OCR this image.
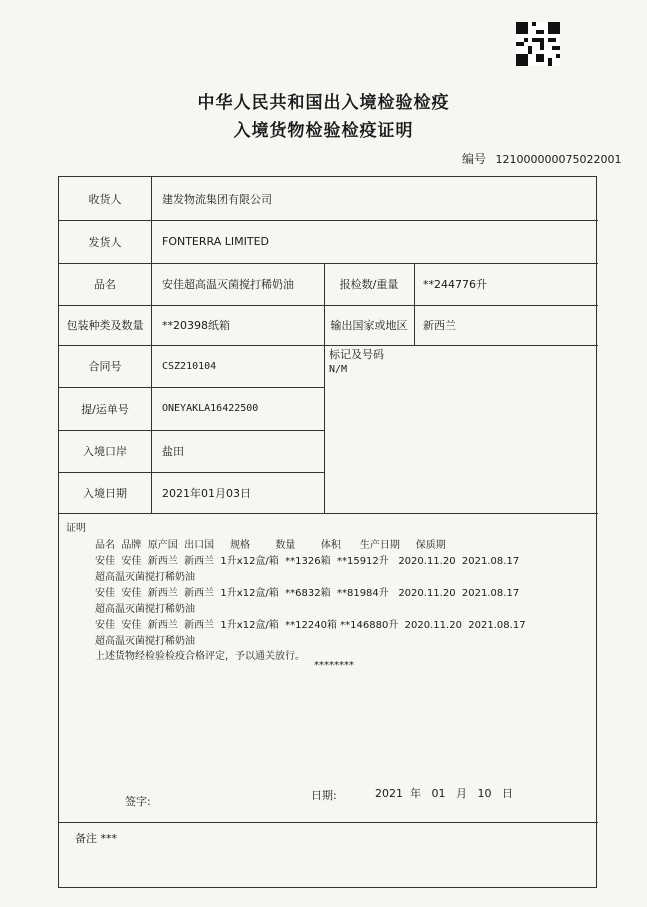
中华人民共和国出入境检验检疫
入境货物检验检疫证明
编号 121000000075022001
收货人	建发物流集团有限公司
发货人	FONTERRA LIMITED
品名	安佳超高温灭菌搅打稀奶油	报检数/重量	**244776升
包装种类及数量	**20398纸箱	输出国家或地区	新西兰
合同号	CSZ210104
标记及号码
N/M
提/运单号	ONEYAKLA16422500
入境口岸	盐田
入境日期	2021年01月03日
证明
品名  品牌  原产国  出口国     规格        数量        体积      生产日期     保质期
安佳  安佳  新西兰  新西兰  1升x12盒/箱  **1326箱  **15912升   2020.11.20  2021.08.17
超高温灭菌搅打稀奶油
安佳  安佳  新西兰  新西兰  1升x12盒/箱  **6832箱  **81984升   2020.11.20  2021.08.17
超高温灭菌搅打稀奶油
安佳  安佳  新西兰  新西兰  1升x12盒/箱  **12240箱 **146880升  2020.11.20  2021.08.17
超高温灭菌搅打稀奶油
上述货物经检验检疫合格评定，予以通关放行。
********
签字:	日期:	2021 年 01 月 10 日
备注 ***
